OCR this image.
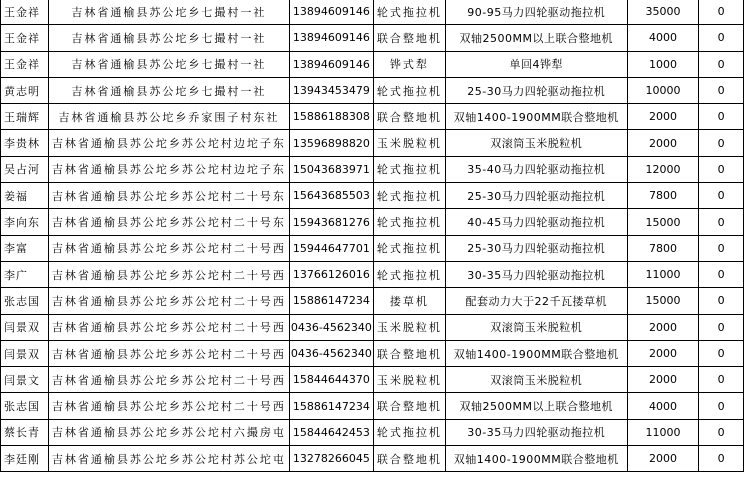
王金祥	吉林省通榆县苏公坨乡七撮村一社	13894609146	轮式拖拉机	90-95马力四轮驱动拖拉机	35000	0
王金祥	吉林省通榆县苏公坨乡七撮村一社	13894609146	联合整地机	双轴2500MM以上联合整地机	4000	0
王金祥	吉林省通榆县苏公坨乡七撮村一社	13894609146	铧式犁	单回4铧犁	1000	0
黄志明	吉林省通榆县苏公坨乡七撮村一社	13943453479	轮式拖拉机	25-30马力四轮驱动拖拉机	10000	0
王瑞辉	吉林省通榆县苏公坨乡乔家围子村东社	15886188308	联合整地机	双轴1400-1900MM联合整地机	2000	0
李贵林	吉林省通榆县苏公坨乡苏公坨村边坨子东	13596898820	玉米脱粒机	双滚筒玉米脱粒机	2000	0
吴占河	吉林省通榆县苏公坨乡苏公坨村边坨子东	15043683971	轮式拖拉机	35-40马力四轮驱动拖拉机	12000	0
姜福	吉林省通榆县苏公坨乡苏公坨村二十号东	15643685503	轮式拖拉机	25-30马力四轮驱动拖拉机	7800	0
李向东	吉林省通榆县苏公坨乡苏公坨村二十号东	15943681276	轮式拖拉机	40-45马力四轮驱动拖拉机	15000	0
李富	吉林省通榆县苏公坨乡苏公坨村二十号西	15944647701	轮式拖拉机	25-30马力四轮驱动拖拉机	7800	0
李广	吉林省通榆县苏公坨乡苏公坨村二十号西	13766126016	轮式拖拉机	30-35马力四轮驱动拖拉机	11000	0
张志国	吉林省通榆县苏公坨乡苏公坨村二十号西	15886147234	搂草机	配套动力大于22千瓦搂草机	15000	0
闫景双	吉林省通榆县苏公坨乡苏公坨村二十号西	0436-4562340	玉米脱粒机	双滚筒玉米脱粒机	2000	0
闫景双	吉林省通榆县苏公坨乡苏公坨村二十号西	0436-4562340	联合整地机	双轴1400-1900MM联合整地机	2000	0
闫景文	吉林省通榆县苏公坨乡苏公坨村二十号西	15844644370	玉米脱粒机	双滚筒玉米脱粒机	2000	0
张志国	吉林省通榆县苏公坨乡苏公坨村二十号西	15886147234	联合整地机	双轴2500MM以上联合整地机	4000	0
蔡长青	吉林省通榆县苏公坨乡苏公坨村六撮房屯	15844642453	轮式拖拉机	30-35马力四轮驱动拖拉机	11000	0
李廷刚	吉林省通榆县苏公坨乡苏公坨村苏公坨屯	13278266045	联合整地机	双轴1400-1900MM联合整地机	2000	0
